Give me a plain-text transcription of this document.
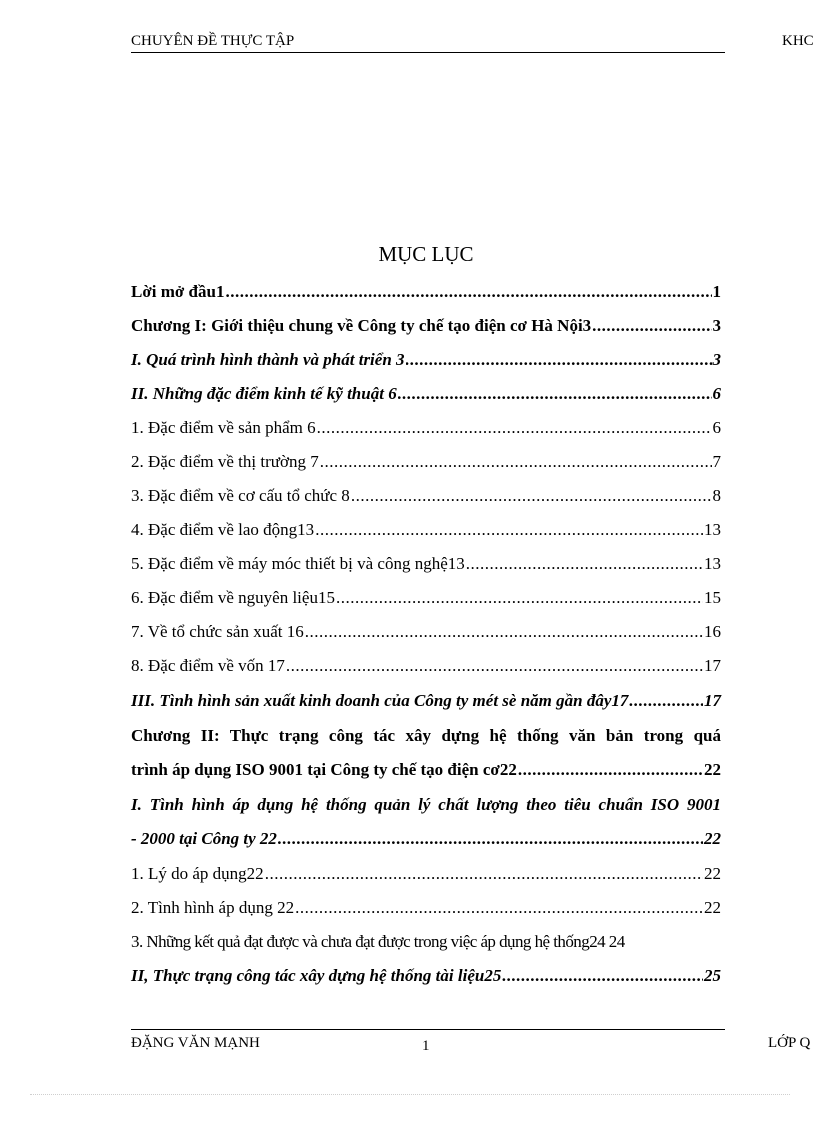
CHUYÊN ĐỀ THỰC TẬP	KHC
MỤC LỤC
Lời mở đầu1 .....	1
Chương I: Giới thiệu chung về Công ty chế tạo điện cơ Hà Nội3 .....	3
I. Quá trình hình thành và phát triển 3 .....	3
II. Những đặc điểm kinh tế kỹ thuật 6 .....	6
1. Đặc điểm về sản phẩm 6 .....	6
2. Đặc điểm về thị trường 7 .....	7
3. Đặc điểm về cơ cấu tổ chức 8 .....	8
4. Đặc điểm về lao động13 .....	13
5. Đặc điểm về máy móc thiết bị và công nghệ13 .....	13
6. Đặc điểm về nguyên liệu15 .....	15
7. Về tổ chức sản xuất 16 .....	16
8. Đặc điểm về vốn 17 .....	17
III. Tình hình sản xuất kinh doanh của Công ty mét sè năm gần đây17 .....	17
Chương II: Thực trạng công tác xây dựng hệ thống văn bản trong quá
trình áp dụng ISO 9001 tại Công ty chế tạo điện cơ22 .....	22
I. Tình hình áp dụng hệ thống quản lý chất lượng theo tiêu chuẩn ISO 9001
- 2000 tại Công ty 22 .....	22
1. Lý do áp dụng22 .....	22
2. Tình hình áp dụng 22 .....	22
3. Những kết quả đạt được và chưa đạt được trong việc áp dụng hệ thống24 24
II, Thực trạng công tác xây dựng hệ thống tài liệu25 .....	25
ĐẶNG VĂN MẠNH	1	LỚP Q
